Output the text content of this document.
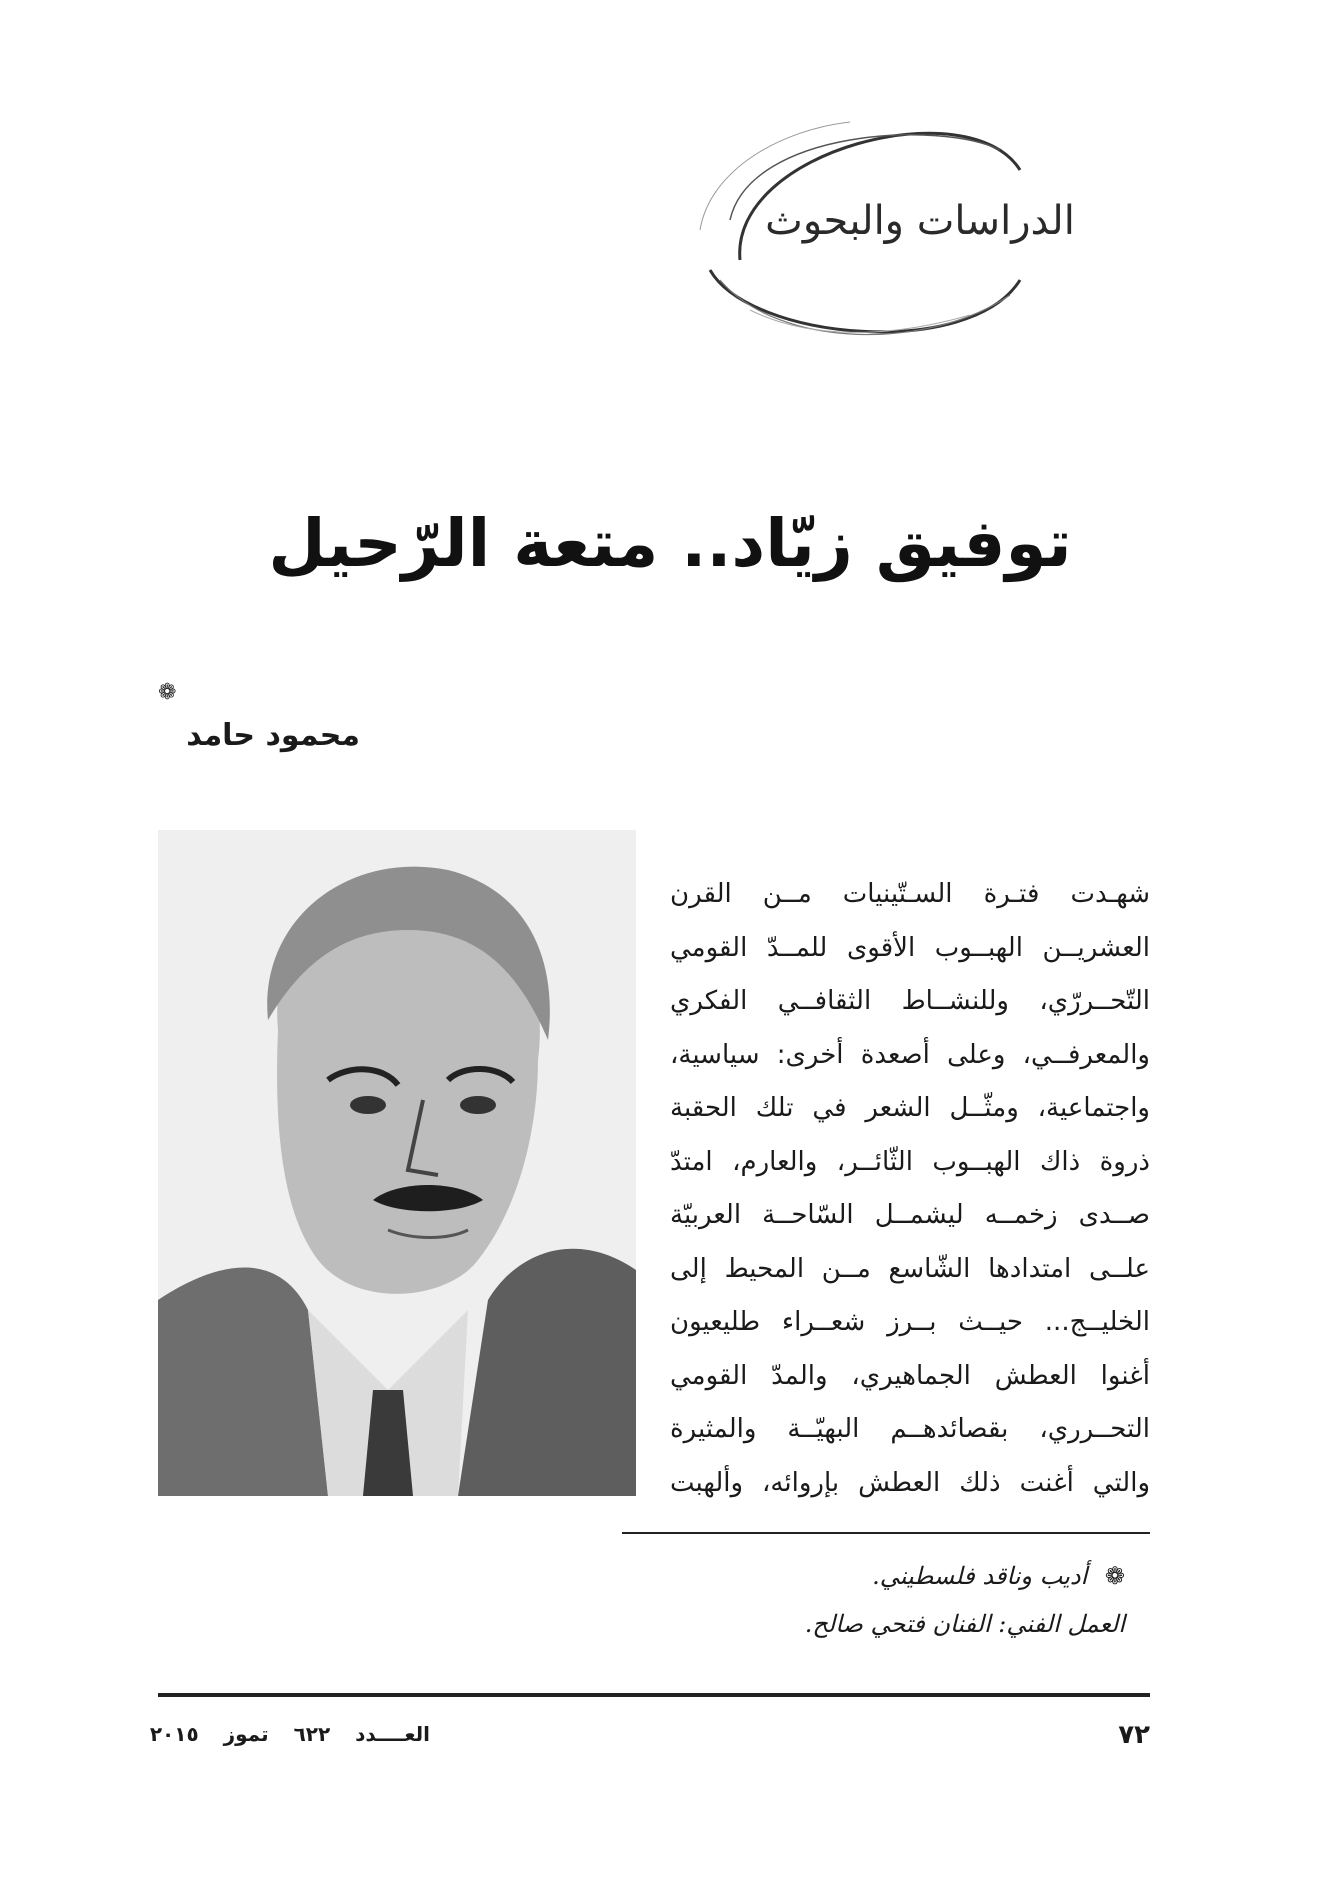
الدراسات والبحوث
توفيق زيّاد.. متعة الرّحيل
❁
محمود حامد
شهـدت فتـرة السـتّينيات مــن القرن
العشريــن الهبــوب الأقوى للمــدّ القومي
التّحــررّي، وللنشــاط الثقافــي الفكري
والمعرفــي، وعلى أصعدة أخرى: سياسية،
واجتماعية، ومثّــل الشعر في تلك الحقبة
ذروة ذاك الهبــوب الثّائــر، والعارم، امتدّ
صــدى زخمــه ليشمــل السّاحــة العربيّة
علــى امتدادها الشّاسع مــن المحيط إلى
الخليــج... حيــث بــرز شعــراء طليعيون
أغنوا العطش الجماهيري، والمدّ القومي
التحــرري، بقصائدهــم البهيّــة والمثيرة
والتي أغنت ذلك العطش بإروائه، وألهبت
❁ أديب وناقد فلسطيني.
العمل الفني: الفنان فتحي صالح.
٧٢
العــــدد ٦٢٢ تموز ٢٠١٥
